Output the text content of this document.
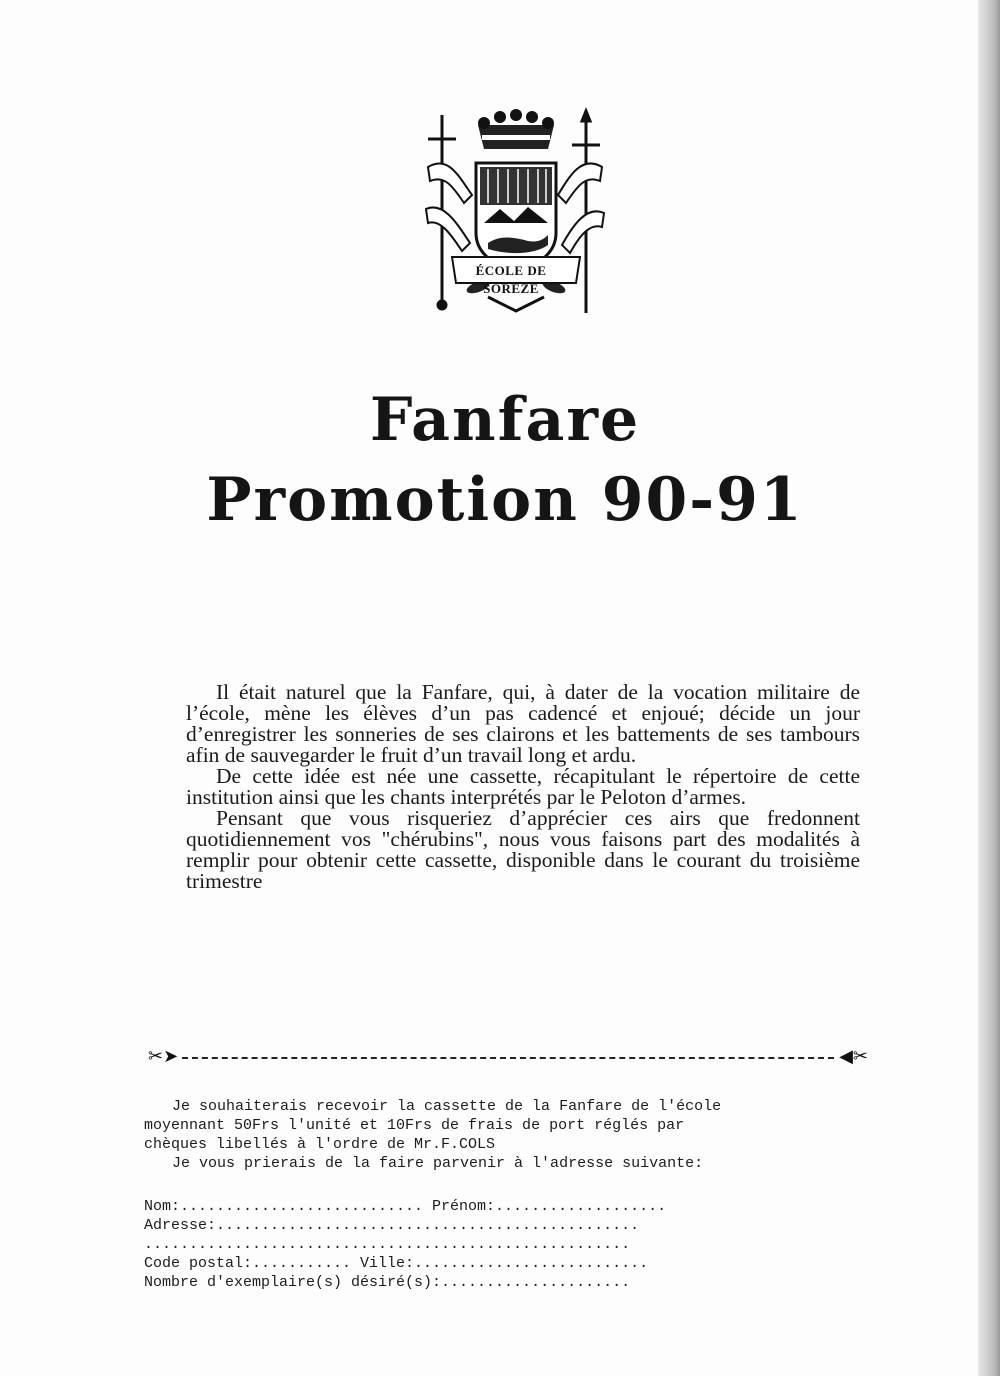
ÉCOLE DE SORÈZE
Fanfare
Promotion 90-91

Il était naturel que la Fanfare, qui, à dater de la vocation militaire de l’école, mène les élèves d’un pas cadencé et enjoué; décide un jour d’enregistrer les sonneries de ses clairons et les battements de ses tambours afin de sauvegarder le fruit d’un travail long et ardu.

De cette idée est née une cassette, récapitulant le répertoire de cette institution ainsi que les chants interprétés par le Peloton d’armes.

Pensant que vous risqueriez d’apprécier ces airs que fredonnent quotidiennement vos "chérubins", nous vous faisons part des modalités à remplir pour obtenir cette cassette, disponible dans le courant du troisième trimestre

✂➤	◀✂
Je souhaiterais recevoir la cassette de la Fanfare de l'école
moyennant 50Frs l'unité et 10Frs de frais de port réglés par
chèques libellés à l'ordre de Mr.F.COLS
Je vous prierais de la faire parvenir à l'adresse suivante:
Nom:........................... Prénom:...................
Adresse:...............................................
......................................................
Code postal:........... Ville:..........................
Nombre d'exemplaire(s) désiré(s):.....................
